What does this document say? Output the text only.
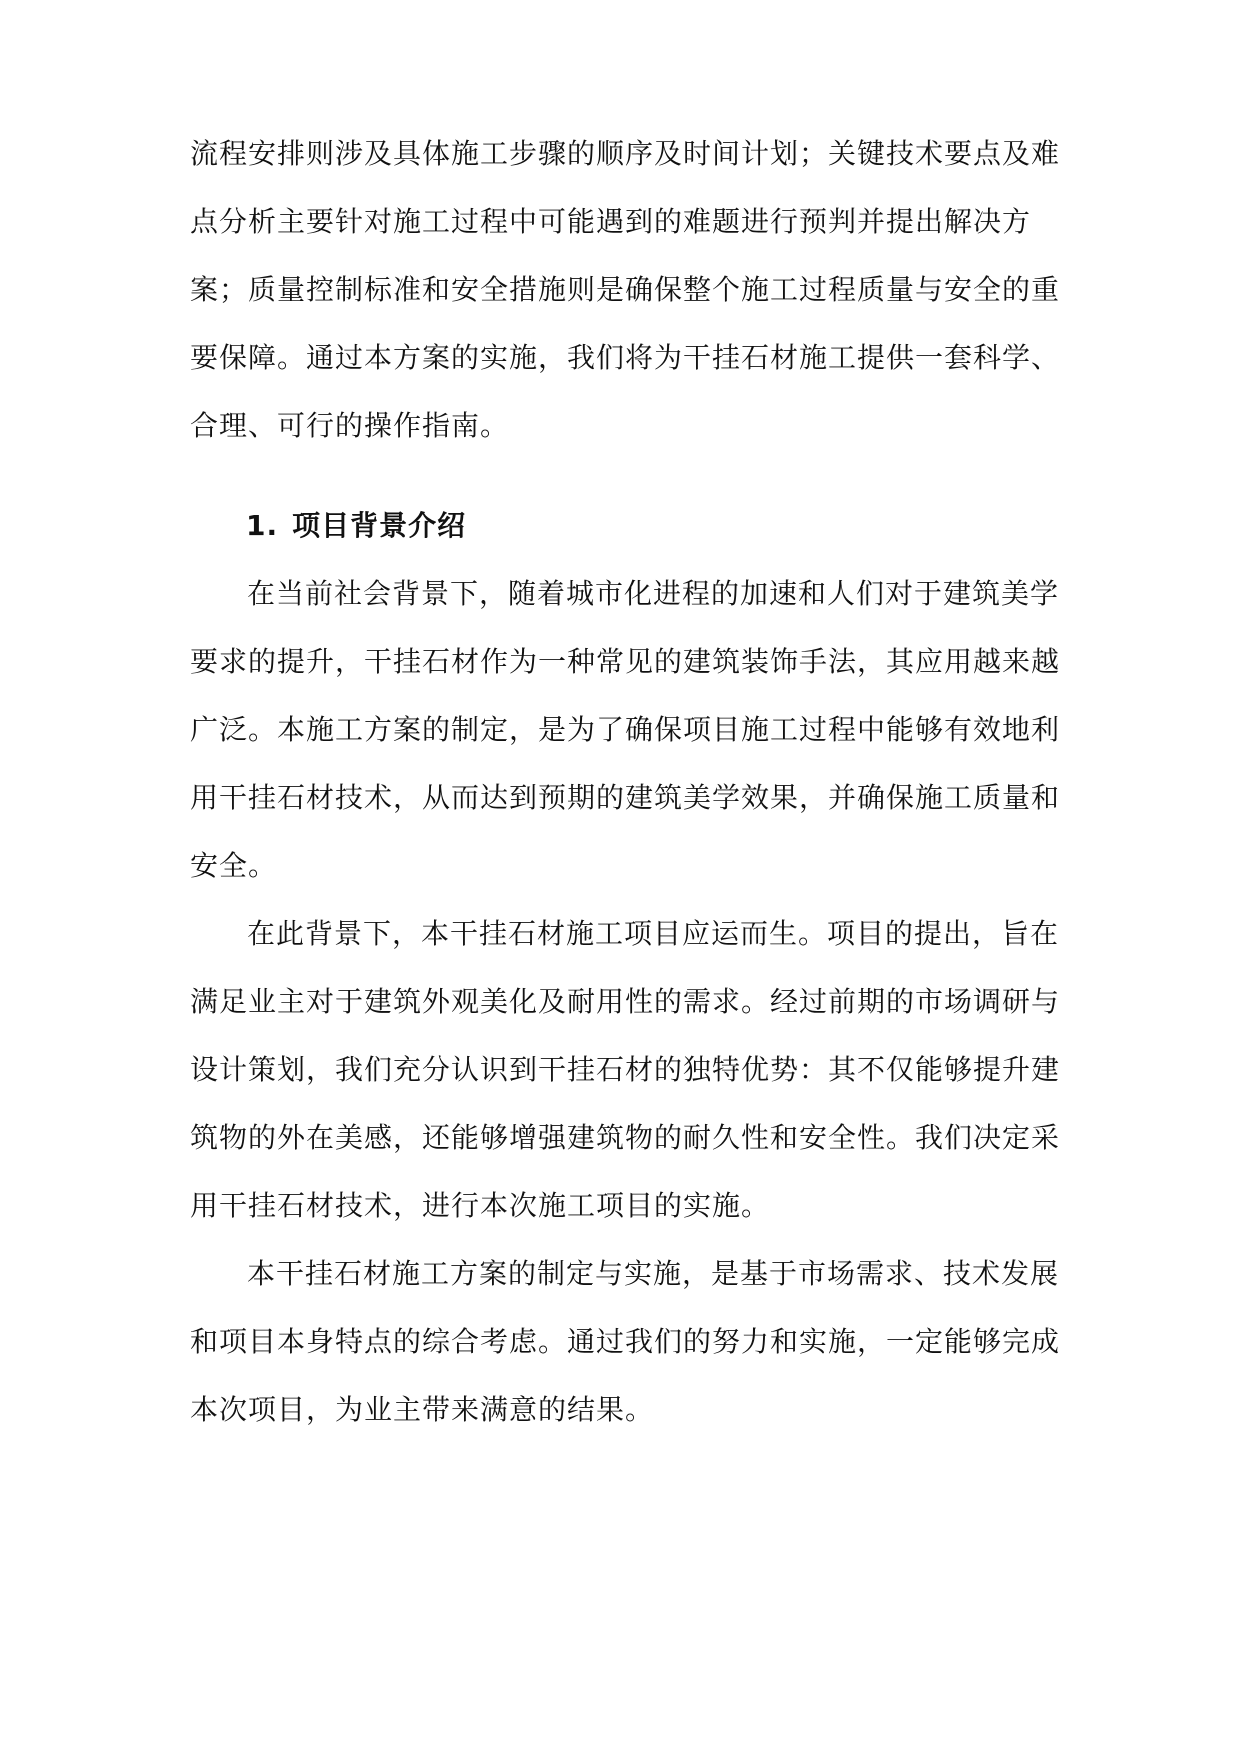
流程安排则涉及具体施工步骤的顺序及时间计划；关键技术要点及难
点分析主要针对施工过程中可能遇到的难题进行预判并提出解决方
案；质量控制标准和安全措施则是确保整个施工过程质量与安全的重
要保障。通过本方案的实施，我们将为干挂石材施工提供一套科学、
合理、可行的操作指南。
1. 项目背景介绍
在当前社会背景下，随着城市化进程的加速和人们对于建筑美学
要求的提升，干挂石材作为一种常见的建筑装饰手法，其应用越来越
广泛。本施工方案的制定，是为了确保项目施工过程中能够有效地利
用干挂石材技术，从而达到预期的建筑美学效果，并确保施工质量和
安全。
在此背景下，本干挂石材施工项目应运而生。项目的提出，旨在
满足业主对于建筑外观美化及耐用性的需求。经过前期的市场调研与
设计策划，我们充分认识到干挂石材的独特优势：其不仅能够提升建
筑物的外在美感，还能够增强建筑物的耐久性和安全性。我们决定采
用干挂石材技术，进行本次施工项目的实施。
本干挂石材施工方案的制定与实施，是基于市场需求、技术发展
和项目本身特点的综合考虑。通过我们的努力和实施，一定能够完成
本次项目，为业主带来满意的结果。
